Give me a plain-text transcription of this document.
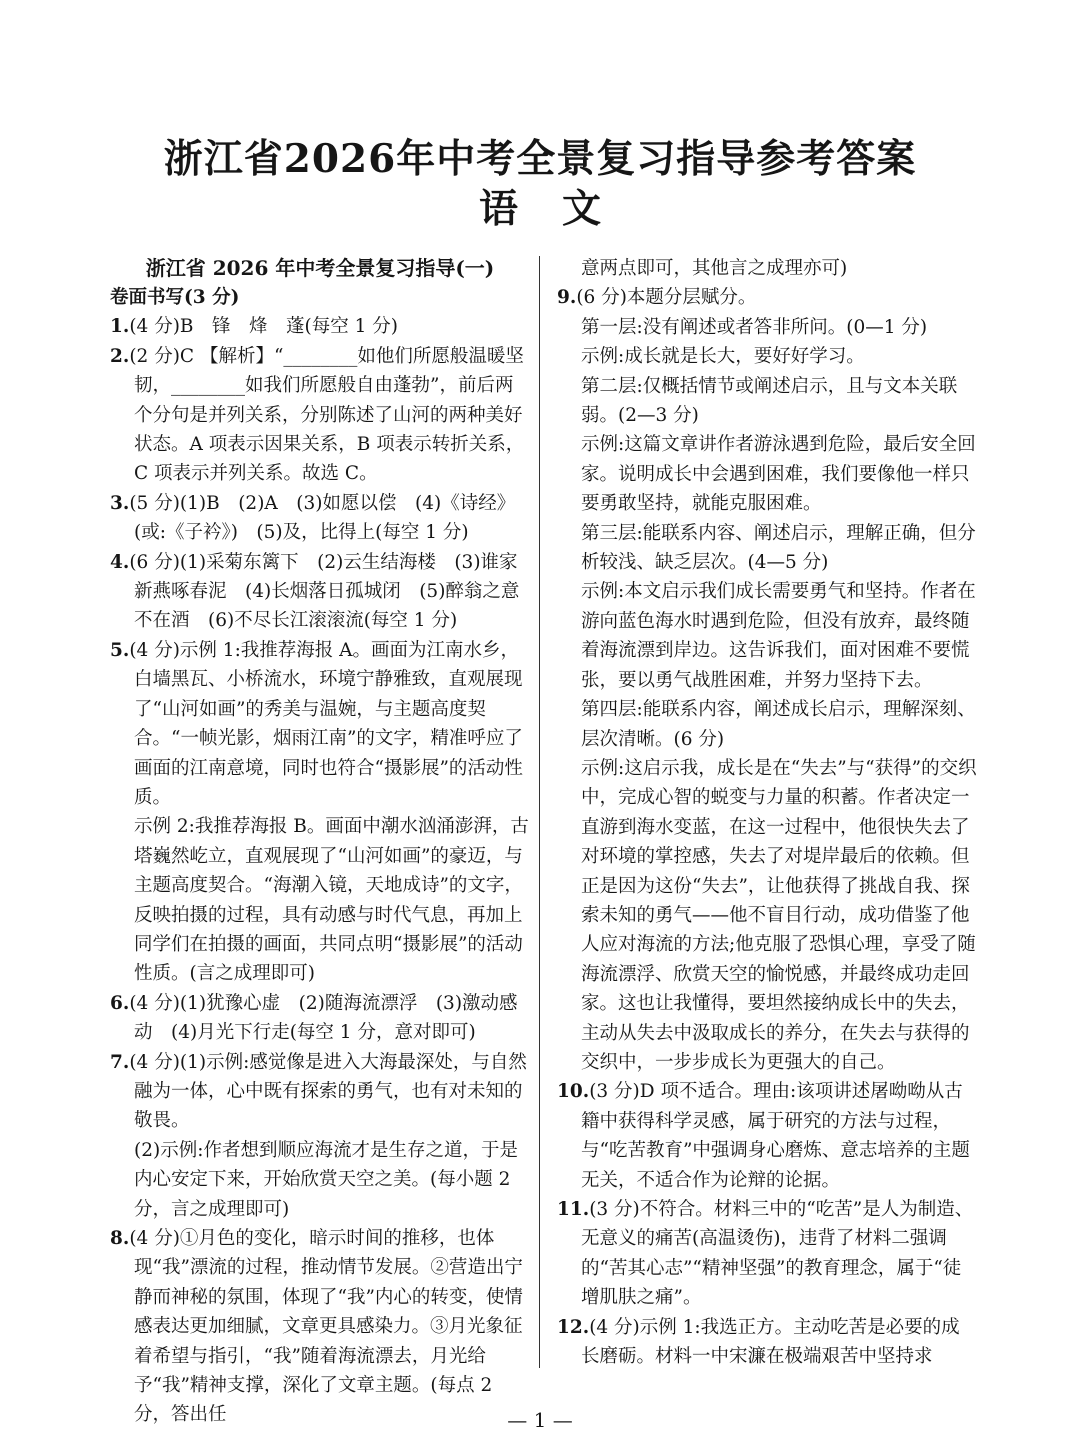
浙江省2026年中考全景复习指导参考答案
语 文
浙江省 2026 年中考全景复习指导(一)

卷面书写(3 分)

1.(4 分)B　锋　烽　蓬(每空 1 分)

2.(2 分)C 【解析】“________如他们所愿般温暖坚韧，________如我们所愿般自由蓬勃”，前后两个分句是并列关系，分别陈述了山河的两种美好状态。A 项表示因果关系，B 项表示转折关系，C 项表示并列关系。故选 C。

3.(5 分)(1)B　(2)A　(3)如愿以偿　(4)《诗经》(或:《子衿》)　(5)及，比得上(每空 1 分)

4.(6 分)(1)采菊东篱下　(2)云生结海楼　(3)谁家新燕啄春泥　(4)长烟落日孤城闭　(5)醉翁之意不在酒　(6)不尽长江滚滚流(每空 1 分)

5.(4 分)示例 1:我推荐海报 A。画面为江南水乡，白墙黑瓦、小桥流水，环境宁静雅致，直观展现了“山河如画”的秀美与温婉，与主题高度契合。“一帧光影，烟雨江南”的文字，精准呼应了画面的江南意境，同时也符合“摄影展”的活动性质。

示例 2:我推荐海报 B。画面中潮水汹涌澎湃，古塔巍然屹立，直观展现了“山河如画”的豪迈，与主题高度契合。“海潮入镜，天地成诗”的文字，反映拍摄的过程，具有动感与时代气息，再加上同学们在拍摄的画面，共同点明“摄影展”的活动性质。(言之成理即可)

6.(4 分)(1)犹豫心虚　(2)随海流漂浮　(3)激动感动　(4)月光下行走(每空 1 分，意对即可)

7.(4 分)(1)示例:感觉像是进入大海最深处，与自然融为一体，心中既有探索的勇气，也有对未知的敬畏。

(2)示例:作者想到顺应海流才是生存之道，于是内心安定下来，开始欣赏天空之美。(每小题 2 分，言之成理即可)

8.(4 分)①月色的变化，暗示时间的推移，也体现“我”漂流的过程，推动情节发展。②营造出宁静而神秘的氛围，体现了“我”内心的转变，使情感表达更加细腻，文章更具感染力。③月光象征着希望与指引，“我”随着海流漂去，月光给予“我”精神支撑，深化了文章主题。(每点 2 分，答出任

意两点即可，其他言之成理亦可)

9.(6 分)本题分层赋分。

第一层:没有阐述或者答非所问。(0—1 分)

示例:成长就是长大，要好好学习。

第二层:仅概括情节或阐述启示，且与文本关联弱。(2—3 分)

示例:这篇文章讲作者游泳遇到危险，最后安全回家。说明成长中会遇到困难，我们要像他一样只要勇敢坚持，就能克服困难。

第三层:能联系内容、阐述启示，理解正确，但分析较浅、缺乏层次。(4—5 分)

示例:本文启示我们成长需要勇气和坚持。作者在游向蓝色海水时遇到危险，但没有放弃，最终随着海流漂到岸边。这告诉我们，面对困难不要慌张，要以勇气战胜困难，并努力坚持下去。

第四层:能联系内容，阐述成长启示，理解深刻、层次清晰。(6 分)

示例:这启示我，成长是在“失去”与“获得”的交织中，完成心智的蜕变与力量的积蓄。作者决定一直游到海水变蓝，在这一过程中，他很快失去了对环境的掌控感，失去了对堤岸最后的依赖。但正是因为这份“失去”，让他获得了挑战自我、探索未知的勇气——他不盲目行动，成功借鉴了他人应对海流的方法;他克服了恐惧心理，享受了随海流漂浮、欣赏天空的愉悦感，并最终成功走回家。这也让我懂得，要坦然接纳成长中的失去，主动从失去中汲取成长的养分，在失去与获得的交织中，一步步成长为更强大的自己。

10.(3 分)D 项不适合。理由:该项讲述屠呦呦从古籍中获得科学灵感，属于研究的方法与过程，与“吃苦教育”中强调身心磨炼、意志培养的主题无关，不适合作为论辩的论据。

11.(3 分)不符合。材料三中的“吃苦”是人为制造、无意义的痛苦(高温烫伤)，违背了材料二强调的“苦其心志”“精神坚强”的教育理念，属于“徒增肌肤之痛”。

12.(4 分)示例 1:我选正方。主动吃苦是必要的成长磨砺。材料一中宋濂在极端艰苦中坚持求

— 1 —
